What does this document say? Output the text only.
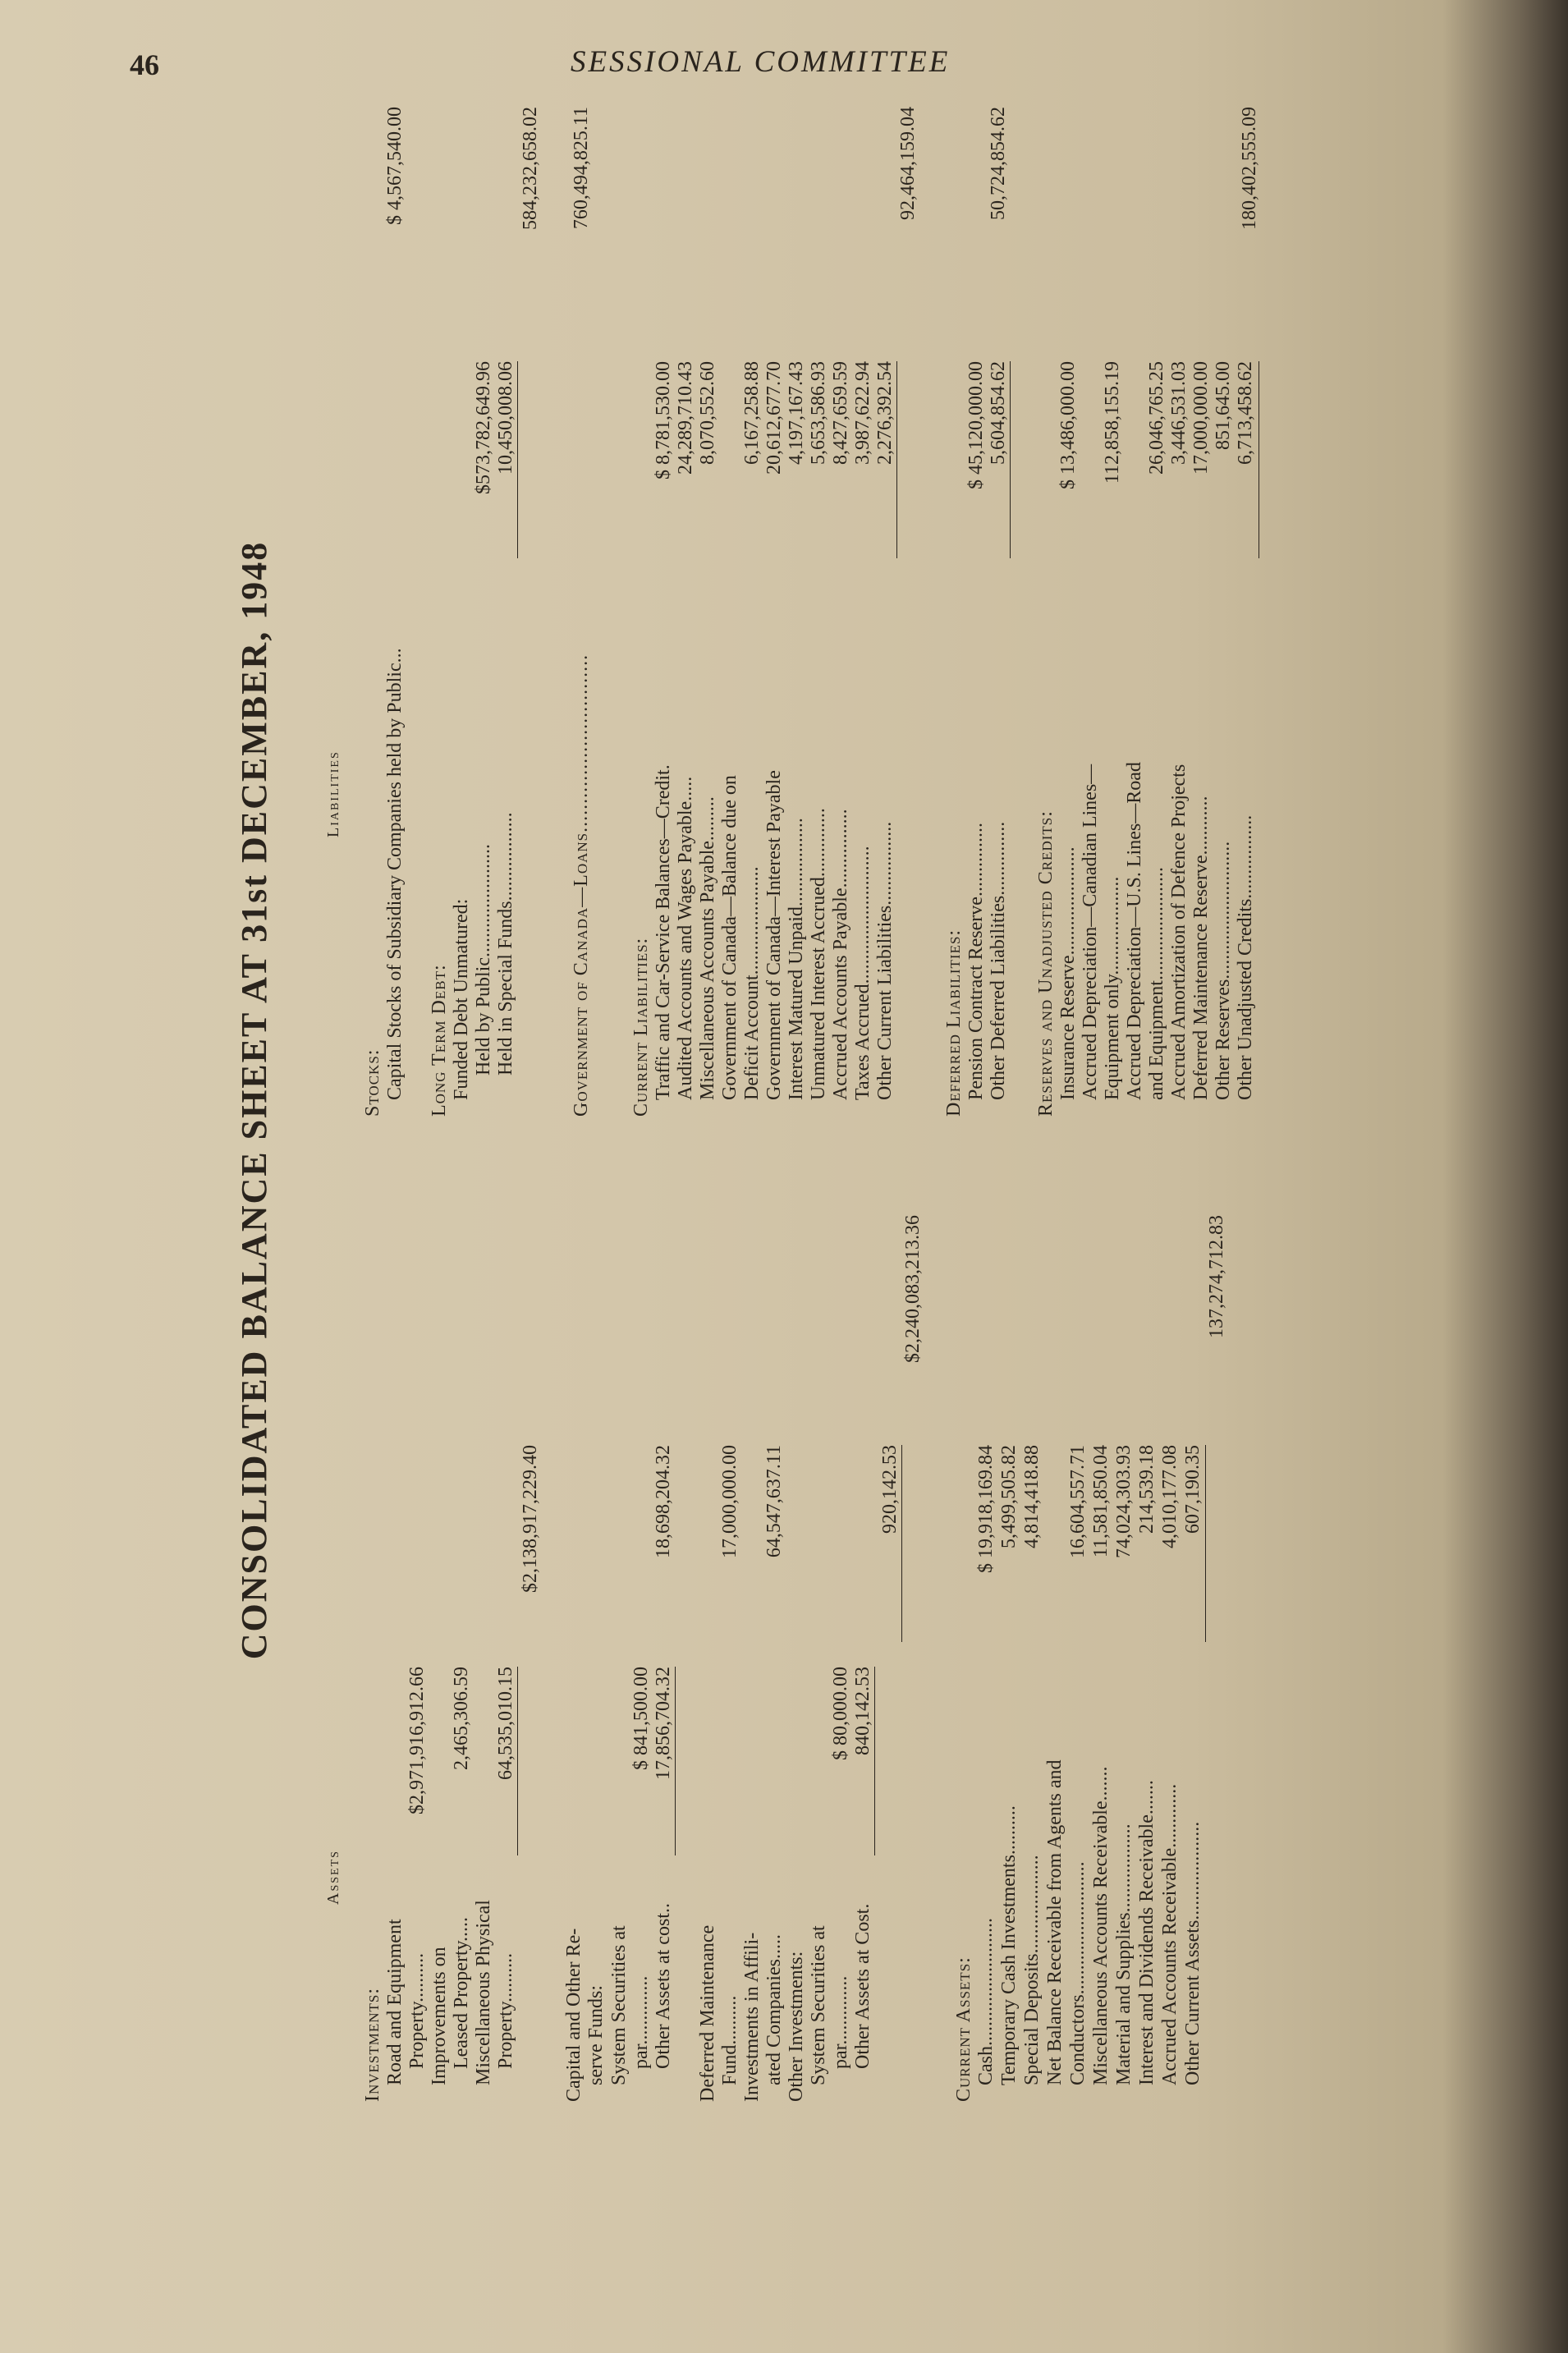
46	SESSIONAL COMMITTEE
CONSOLIDATED BALANCE SHEET AT 31st DECEMBER, 1948
Assets
Liabilities
Investments: Road and Equipment Property..........
$2,971,916,912.66
Improvements on Leased Property.....
2,465,306.59
Miscellaneous Physical Property..........
64,535,010.15
$2,138,917,229.40
Capital and Other Re- serve Funds: System Securities at par..............
$ 841,500.00
Other Assets at cost..
17,856,704.32
18,698,204.32
Deferred Maintenance Fund..........
17,000,000.00
Investments in Affili- ated Companies.....
64,547,637.11
Other Investments: System Securities at par..............
$ 80,000.00
Other Assets at Cost.
840,142.53
920,142.53
$2,240,083,213.36
Current Assets: Cash..........................
$ 19,918,169.84
Temporary Cash Investments..........
5,499,505.82
Special Deposits....................
4,814,418.88
Net Balance Receivable from Agents and Conductors...........................
16,604,557.71
Miscellaneous Accounts Receivable.......
11,581,850.04
Material and Supplies..................
74,024,303.93
Interest and Dividends Receivable.......
214,539.18
Accrued Accounts Receivable.............
4,010,177.08
Other Current Assets....................
607,190.35
137,274,712.83
Stocks: Capital Stocks of Subsidiary Companies held by Public...
$ 4,567,540.00
Long Term Debt: Funded Debt Unmatured: Held by Public.......................
$573,782,649.96
Held in Special Funds..................
10,450,008.06
584,232,658.02
Government of Canada—Loans...............................
760,494,825.11
Current Liabilities: Traffic and Car-Service Balances—Credit.
$ 8,781,530.00
Audited Accounts and Wages Payable.....
24,289,710.43
Miscellaneous Accounts Payable.........
8,070,552.60
Government of Canada—Balance due on Deficit Account......................
6,167,258.88
Government of Canada—Interest Payable
20,612,677.70
Interest Matured Unpaid..................
4,197,167.43
Unmatured Interest Accrued..............
5,653,586.93
Accrued Accounts Payable................
8,427,659.59
Taxes Accrued............................
3,987,622.94
Other Current Liabilities.................
2,276,392.54
92,464,159.04
Deferred Liabilities: Pension Contract Reserve...............
$ 45,120,000.00
Other Deferred Liabilities...............
5,604,854.62
50,724,854.62
Reserves and Unadjusted Credits: Insurance Reserve......................
$ 13,486,000.00
Accrued Depreciation—Canadian Lines— Equipment only....................
112,858,155.19
Accrued Depreciation—U.S. Lines—Road and Equipment.......................
26,046,765.25
Accrued Amortization of Defence Projects
3,446,531.03
Deferred Maintenance Reserve............
17,000,000.00
Other Reserves............................
851,645.00
Other Unadjusted Credits.................
6,713,458.62
180,402,555.09
